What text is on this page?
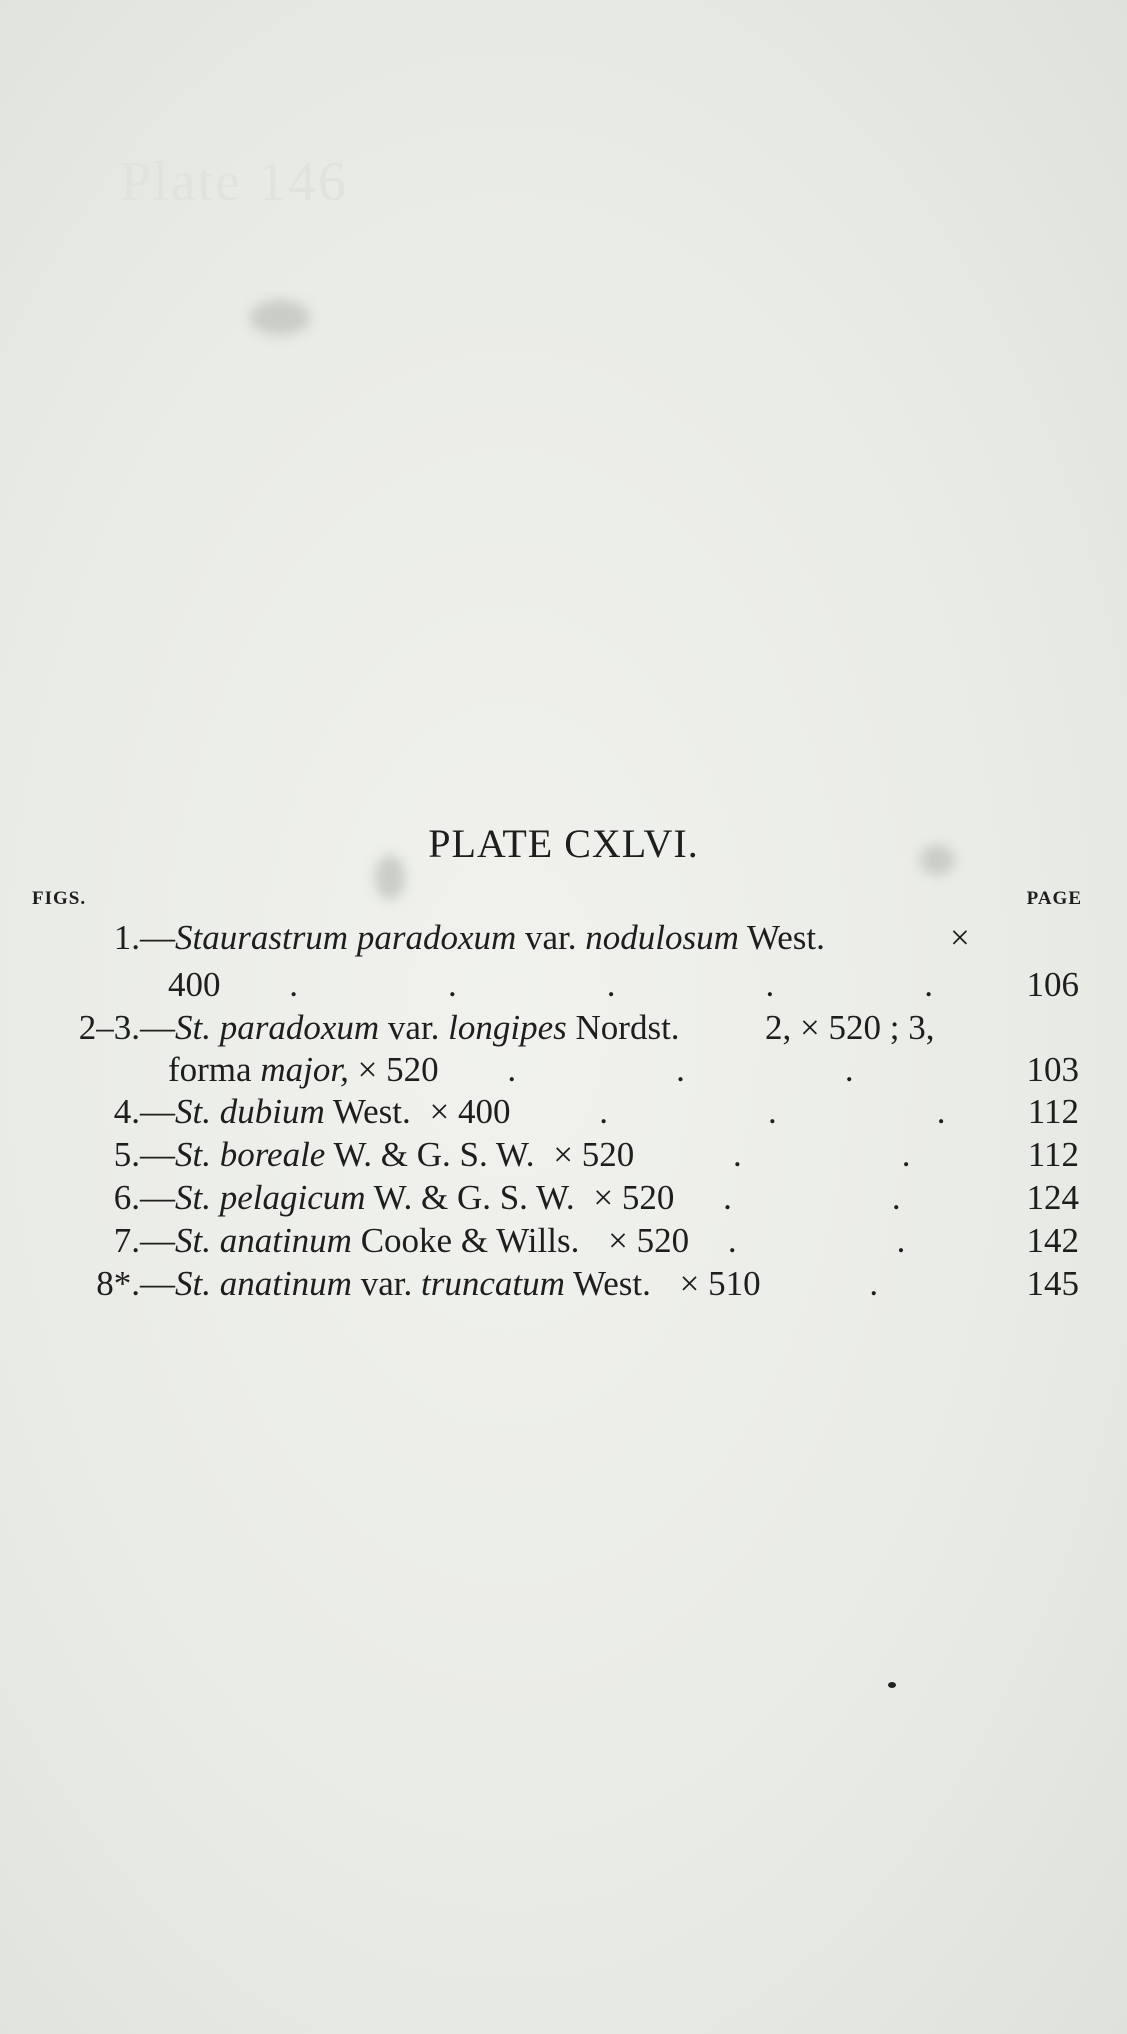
Plate 146
PLATE CXLVI.
FIGS.	PAGE
1.—Staurastrum paradoxum var. nodulosum West.	×
400 .	.	.	.	.	106
2–3.—St. paradoxum var. longipes Nordst. 2, × 520 ; 3,
forma major, × 520 .	.	.	103
4.—St. dubium West. × 400	.	.	. 112
5.—St. boreale W. & G. S. W. × 520	.	.	112
6.—St. pelagicum W. & G. S. W. × 520 .	.	124
7.—St. anatinum Cooke & Wills. × 520 .	.	142
8*.—St. anatinum var. truncatum West. × 510	.	145
